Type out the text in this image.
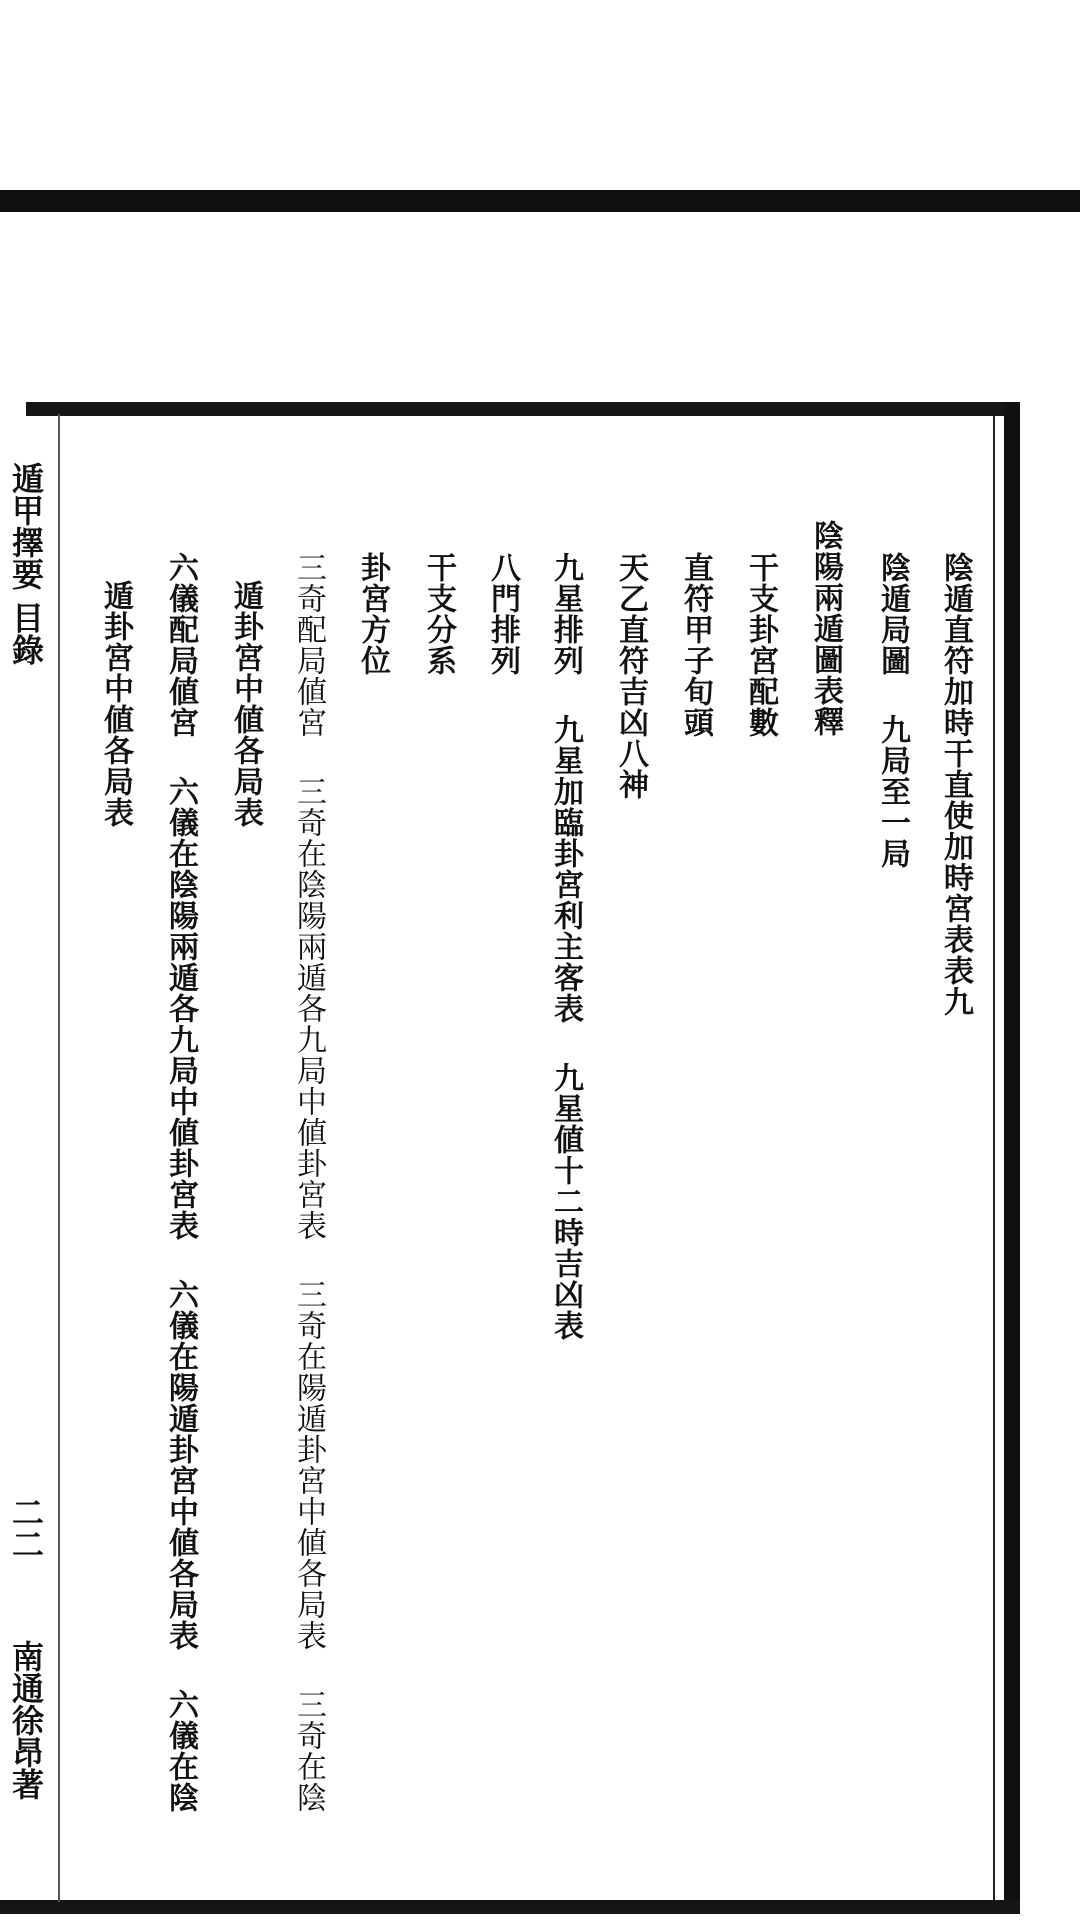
遁甲擇要 目錄
二二
南通徐昂著
陰遁直符加時干直使加時宮表表九
陰遁局圖九局至一局
陰陽兩遁圖表釋
干支卦宮配數
直符甲子旬頭
天乙直符吉凶八神
九星排列九星加臨卦宮利主客表九星値十二時吉凶表
八門排列
干支分系
卦宮方位
三奇配局値宮三奇在陰陽兩遁各九局中値卦宮表三奇在陽遁卦宮中値各局表三奇在陰
遁卦宮中値各局表
六儀配局値宮六儀在陰陽兩遁各九局中値卦宮表六儀在陽遁卦宮中値各局表六儀在陰
遁卦宮中値各局表
